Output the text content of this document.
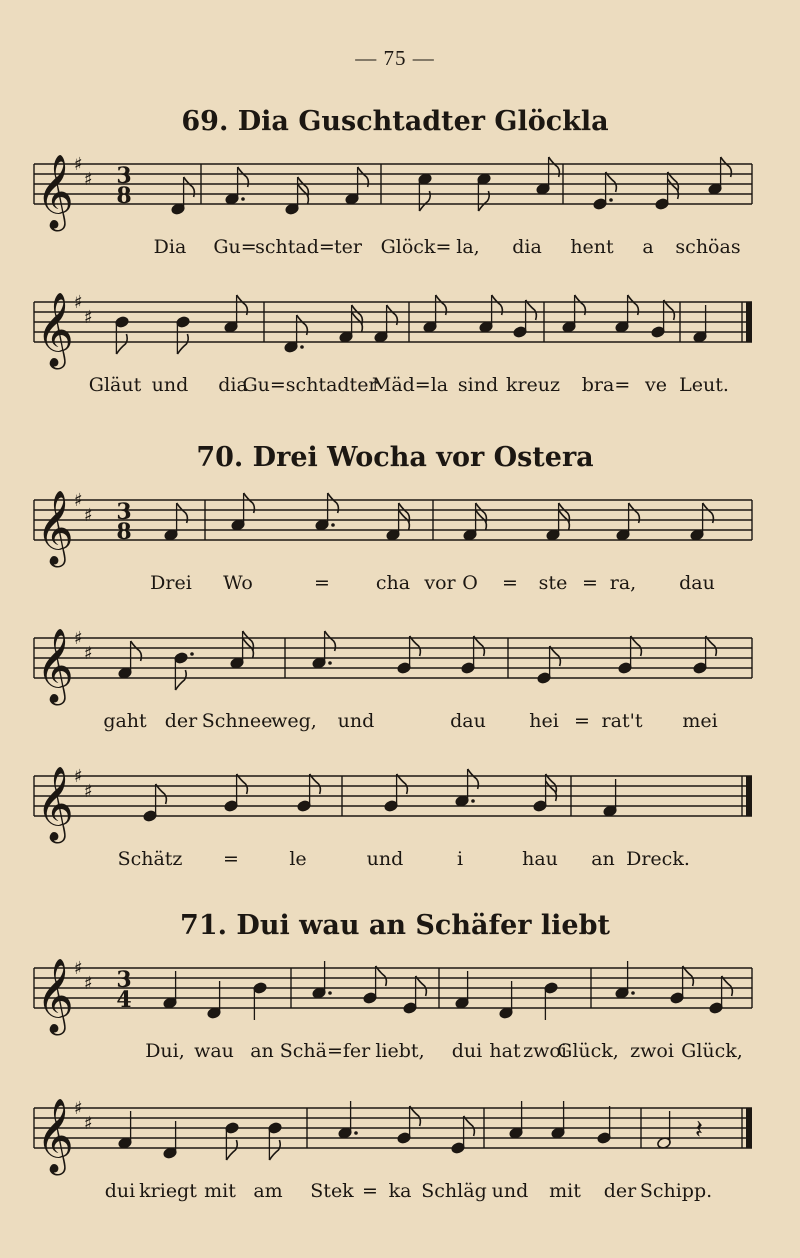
— 75 —
69. Dia Guschtadter Glöckla
70. Drei Wocha vor Ostera
71. Dui wau an Schäfer liebt
𝄞 ♯
♯ 3
8
Dia Gu=
schtad= ter Glöck= la, dia hent a schöas
𝄞 ♯
♯
Gläut und dia
Gu=schtadter
Mäd=la sind kreuz bra= ve Leut.
𝄞 ♯
♯ 3
8
Drei Wo	= cha vor O = ste = ra, dau
𝄞 ♯
♯
gaht der Schnee
weg, und	dau hei = rat't mei
𝄞 ♯
♯
Schätz =	le	und	i	hau an Dreck.
𝄞 ♯
♯ 3
4
Dui, wau an Schä=fer liebt, dui hat zwoi
Glück, zwoi Glück,
𝄞 ♯
♯	𝄽
dui kriegt mit am Stek = ka Schläg und mit der Schipp.
